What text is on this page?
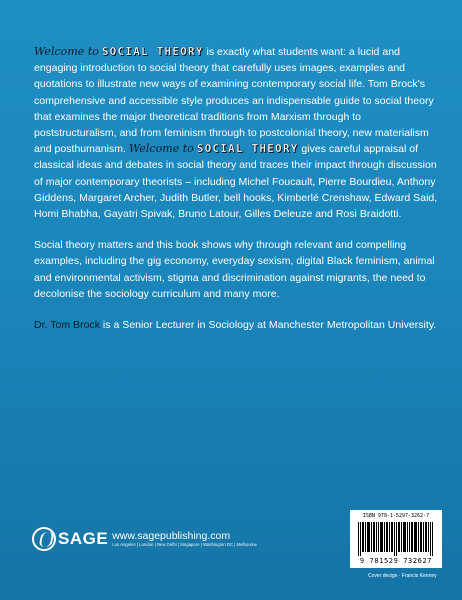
Welcome to SOCIAL THEORY is exactly what students want: a lucid and engaging introduction to social theory that carefully uses images, examples and quotations to illustrate new ways of examining contemporary social life. Tom Brock's comprehensive and accessible style produces an indispensable guide to social theory that examines the major theoretical traditions from Marxism through to poststructuralism, and from feminism through to postcolonial theory, new materialism and posthumanism. Welcome to SOCIAL THEORY gives careful appraisal of classical ideas and debates in social theory and traces their impact through discussion of major contemporary theorists – including Michel Foucault, Pierre Bourdieu, Anthony Giddens, Margaret Archer, Judith Butler, bell hooks, Kimberlé Crenshaw, Edward Said, Homi Bhabha, Gayatri Spivak, Bruno Latour, Gilles Deleuze and Rosi Braidotti.

Social theory matters and this book shows why through relevant and compelling examples, including the gig economy, everyday sexism, digital Black feminism, animal and environmental activism, stigma and discrimination against migrants, the need to decolonise the sociology curriculum and many more.

Dr. Tom Brock is a Senior Lecturer in Sociology at Manchester Metropolitan University.

SAGE www.sagepublishing.com
Los Angeles | London | New Delhi | Singapore | Washington DC | Melbourne
ISBN 978-1-5297-3262-7
9 781529 732627
Cover design · Francis Kenney
